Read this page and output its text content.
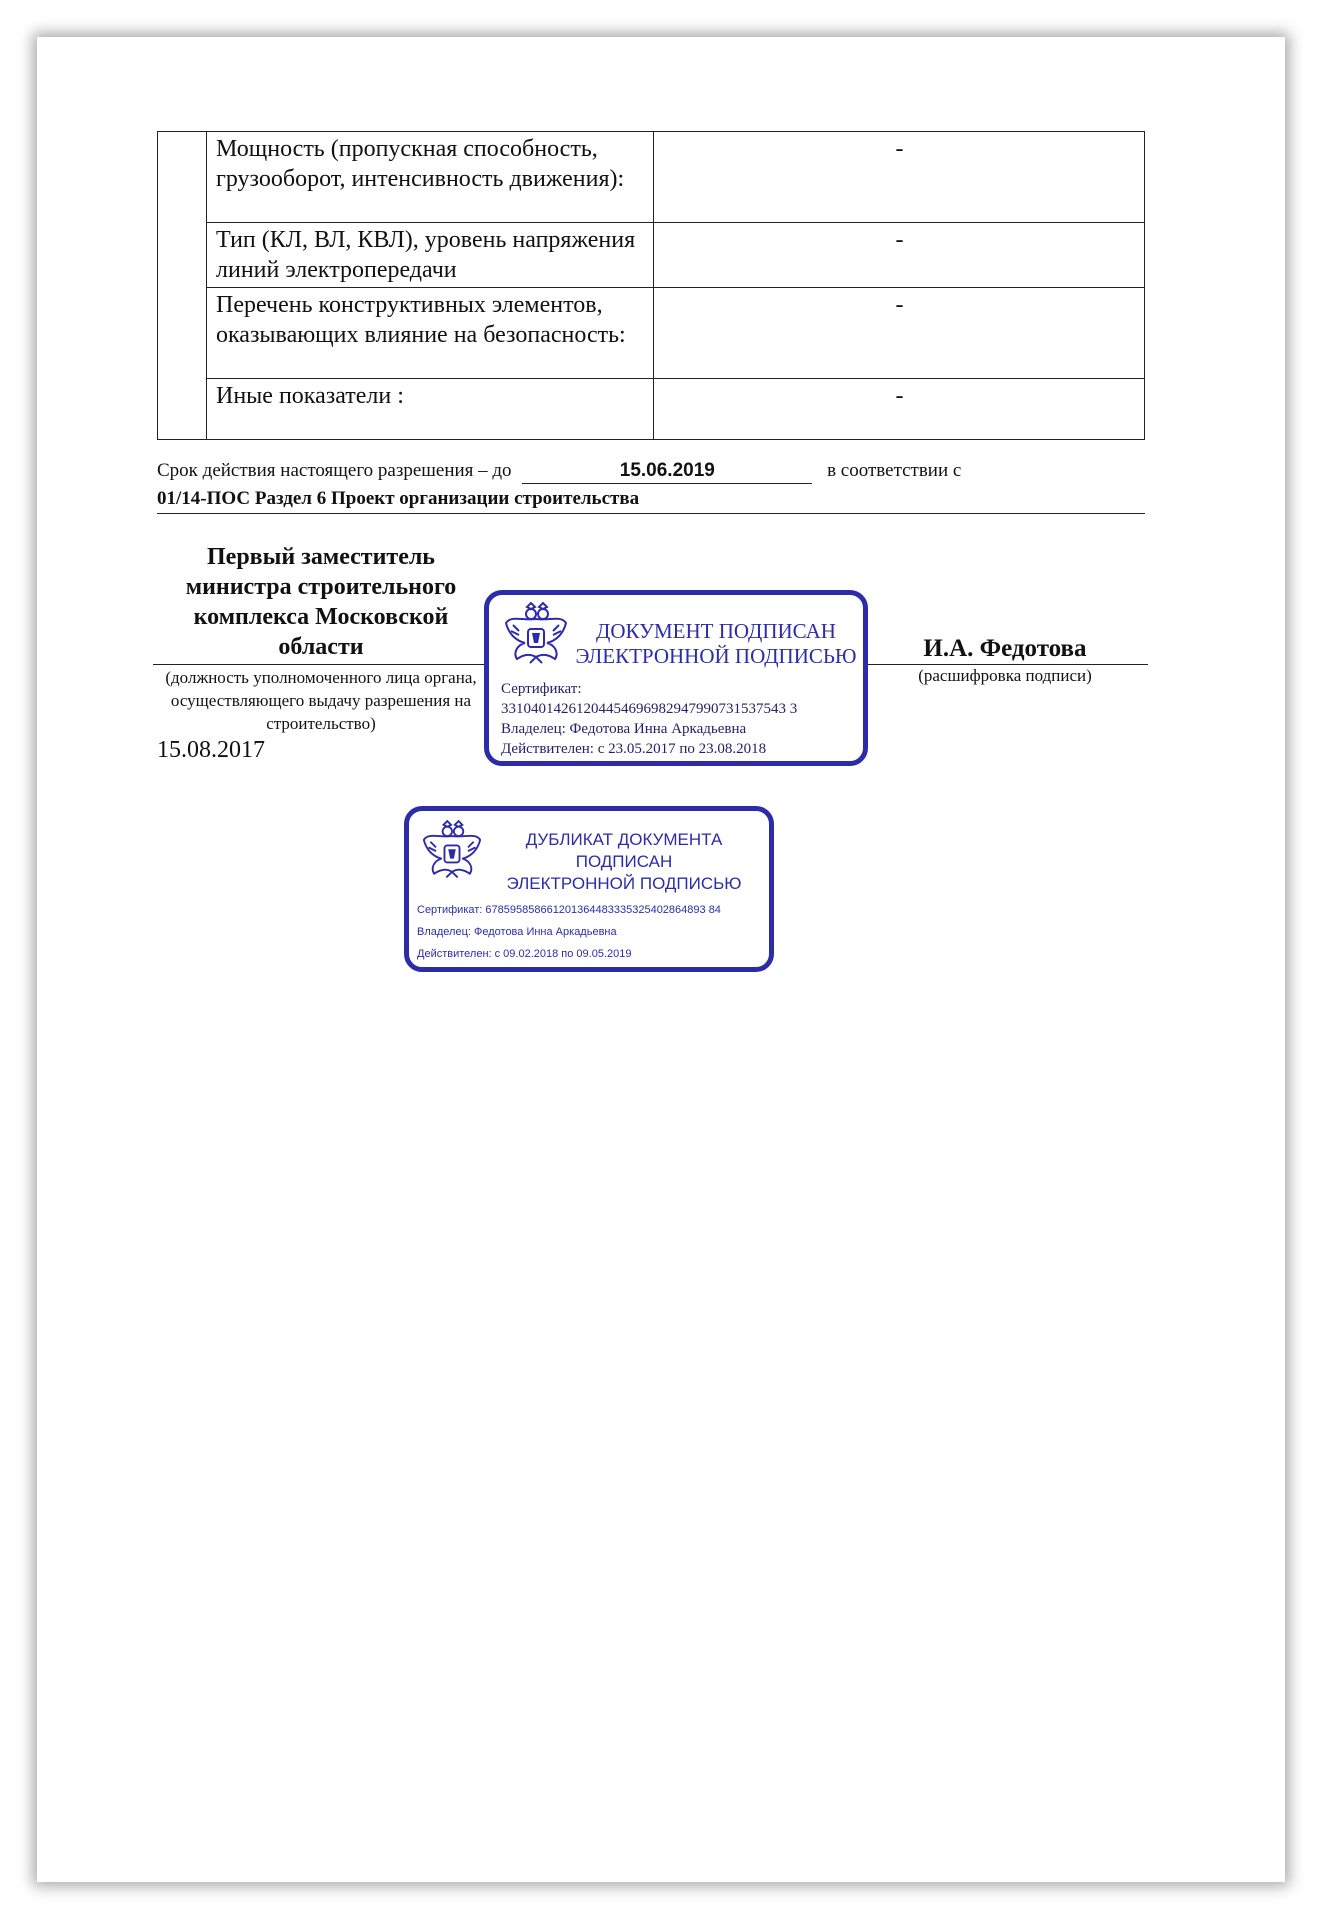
	Мощность (пропускная способность, грузооборот, интенсивность движения):	-
	Тип (КЛ, ВЛ, КВЛ), уровень напряжения линий электропередачи	-
	Перечень конструктивных элементов, оказывающих влияние на безопасность:	-
	Иные показатели :	-
Срок действия настоящего разрешения – до	15.06.2019	в соответствии с
01/14-ПОС Раздел 6 Проект организации строительства
Первый заместитель министра строительного комплекса Московской области
(должность уполномоченного лица органа, осуществляющего выдачу разрешения на строительство)
15.08.2017
И.А. Федотова
(расшифровка подписи)
ДОКУМЕНТ ПОДПИСАН
ЭЛЕКТРОННОЙ ПОДПИСЬЮ
Сертификат:
33104014261204454696982947990731537543 3
Владелец: Федотова Инна Аркадьевна
Действителен: с 23.05.2017 по 23.08.2018
ДУБЛИКАТ ДОКУМЕНТА
ПОДПИСАН
ЭЛЕКТРОННОЙ ПОДПИСЬЮ
Сертификат: 678595858661201364483335325402864893 84
Владелец: Федотова Инна Аркадьевна
Действителен: с 09.02.2018 по 09.05.2019
